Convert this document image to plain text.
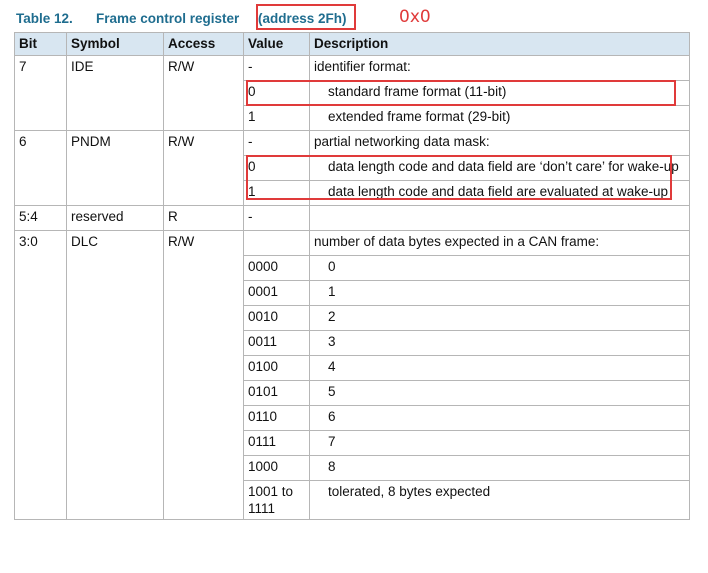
Table 12. Frame control register (address 2Fh)	0x0
Bit	Symbol	Access	Value	Description
7	IDE	R/W	-	identifier format:
			0	standard frame format (11-bit)

			1	extended frame format (29-bit)

6	PNDM	R/W	-	partial networking data mask:
			0	data length code and data field are ‘don’t care’ for wake-up

			1	data length code and data field are evaluated at wake-up

5:4	reserved	R	-	
3:0	DLC	R/W		number of data bytes expected in a CAN frame:
			0000	0

			0001	1

			0010	2

			0011	3

			0100	4

			0101	5

			0110	6

			0111	7

			1000	8

			1001 to 1111	tolerated, 8 bytes expected
